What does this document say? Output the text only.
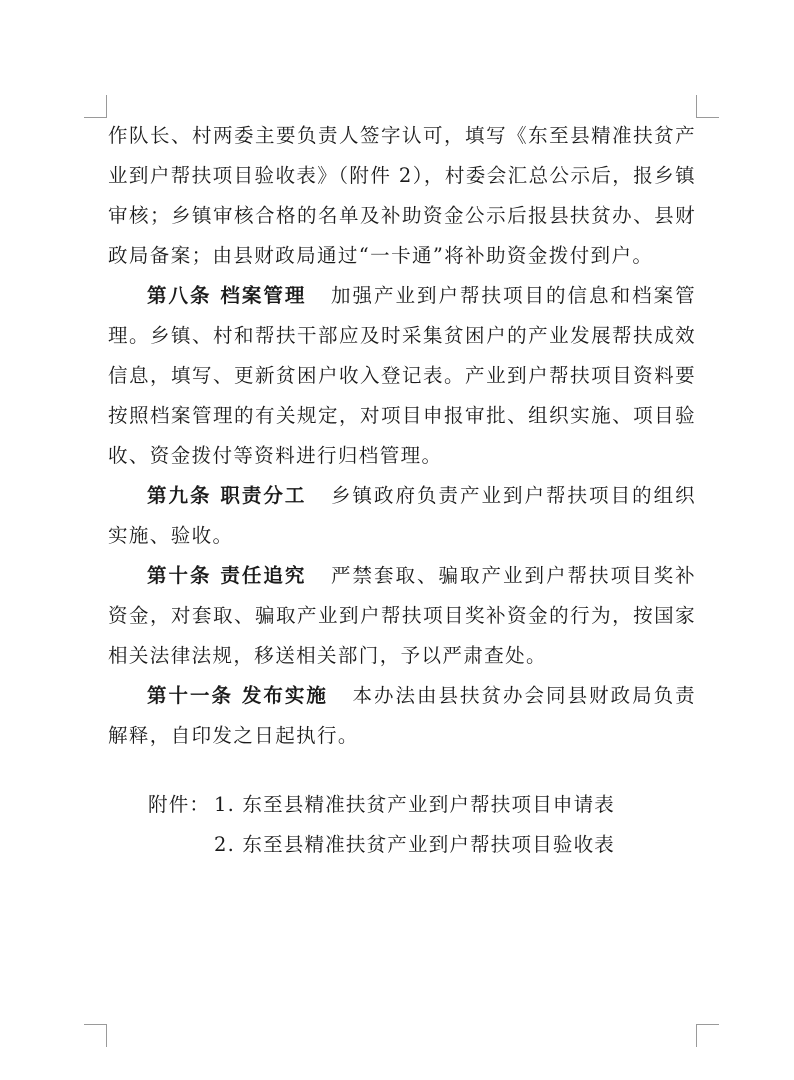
作队长、村两委主要负责人签字认可，填写《东至县精准扶贫产业到户帮扶项目验收表》（附件 2），村委会汇总公示后，报乡镇审核；乡镇审核合格的名单及补助资金公示后报县扶贫办、县财政局备案；由县财政局通过“一卡通”将补助资金拨付到户。

第八条 档案管理 加强产业到户帮扶项目的信息和档案管理。乡镇、村和帮扶干部应及时采集贫困户的产业发展帮扶成效信息，填写、更新贫困户收入登记表。产业到户帮扶项目资料要按照档案管理的有关规定，对项目申报审批、组织实施、项目验收、资金拨付等资料进行归档管理。

第九条 职责分工 乡镇政府负责产业到户帮扶项目的组织实施、验收。

第十条 责任追究 严禁套取、骗取产业到户帮扶项目奖补资金，对套取、骗取产业到户帮扶项目奖补资金的行为，按国家相关法律法规，移送相关部门，予以严肃查处。

第十一条 发布实施 本办法由县扶贫办会同县财政局负责解释，自印发之日起执行。

附件： 1. 东至县精准扶贫产业到户帮扶项目申请表
2. 东至县精准扶贫产业到户帮扶项目验收表
